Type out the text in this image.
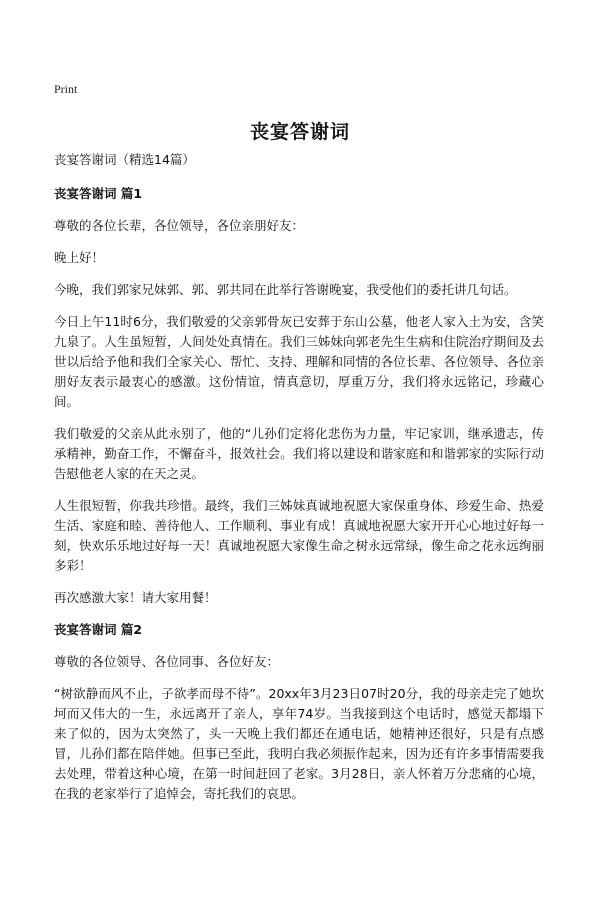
Print
丧宴答谢词

丧宴答谢词（精选14篇）

丧宴答谢词 篇1

尊敬的各位长辈，各位领导，各位亲朋好友：

晚上好！

今晚，我们郭家兄妹郭、郭、郭共同在此举行答谢晚宴，我受他们的委托讲几句话。

今日上午11时6分，我们敬爱的父亲郭骨灰已安葬于东山公墓，他老人家入土为安，含笑九泉了。人生虽短暂，人间处处真情在。我们三姊妹向郭老先生生病和住院治疗期间及去世以后给予他和我们全家关心、帮忙、支持、理解和同情的各位长辈、各位领导、各位亲朋好友表示最衷心的感激。这份情谊，情真意切，厚重万分，我们将永远铭记，珍藏心间。

我们敬爱的父亲从此永别了，他的“儿孙们定将化悲伤为力量，牢记家训，继承遗志，传承精神，勤奋工作，不懈奋斗，报效社会。我们将以建设和谐家庭和和谐郭家的实际行动告慰他老人家的在天之灵。

人生很短暂，你我共珍惜。最终，我们三姊妹真诚地祝愿大家保重身体、珍爱生命、热爱生活、家庭和睦、善待他人、工作顺利、事业有成！真诚地祝愿大家开开心心地过好每一刻，快欢乐乐地过好每一天！真诚地祝愿大家像生命之树永远常绿，像生命之花永远绚丽多彩！

再次感激大家！请大家用餐！

丧宴答谢词 篇2

尊敬的各位领导、各位同事、各位好友：

“树欲静而风不止，子欲孝而母不待”。20xx年3月23日07时20分，我的母亲走完了她坎坷而又伟大的一生，永远离开了亲人，享年74岁。当我接到这个电话时，感觉天都塌下来了似的，因为太突然了，头一天晚上我们都还在通电话，她精神还很好，只是有点感冒，儿孙们都在陪伴她。但事已至此，我明白我必须振作起来，因为还有许多事情需要我去处理，带着这种心境，在第一时间赶回了老家。3月28日，亲人怀着万分悲痛的心境，在我的老家举行了追悼会，寄托我们的哀思。
